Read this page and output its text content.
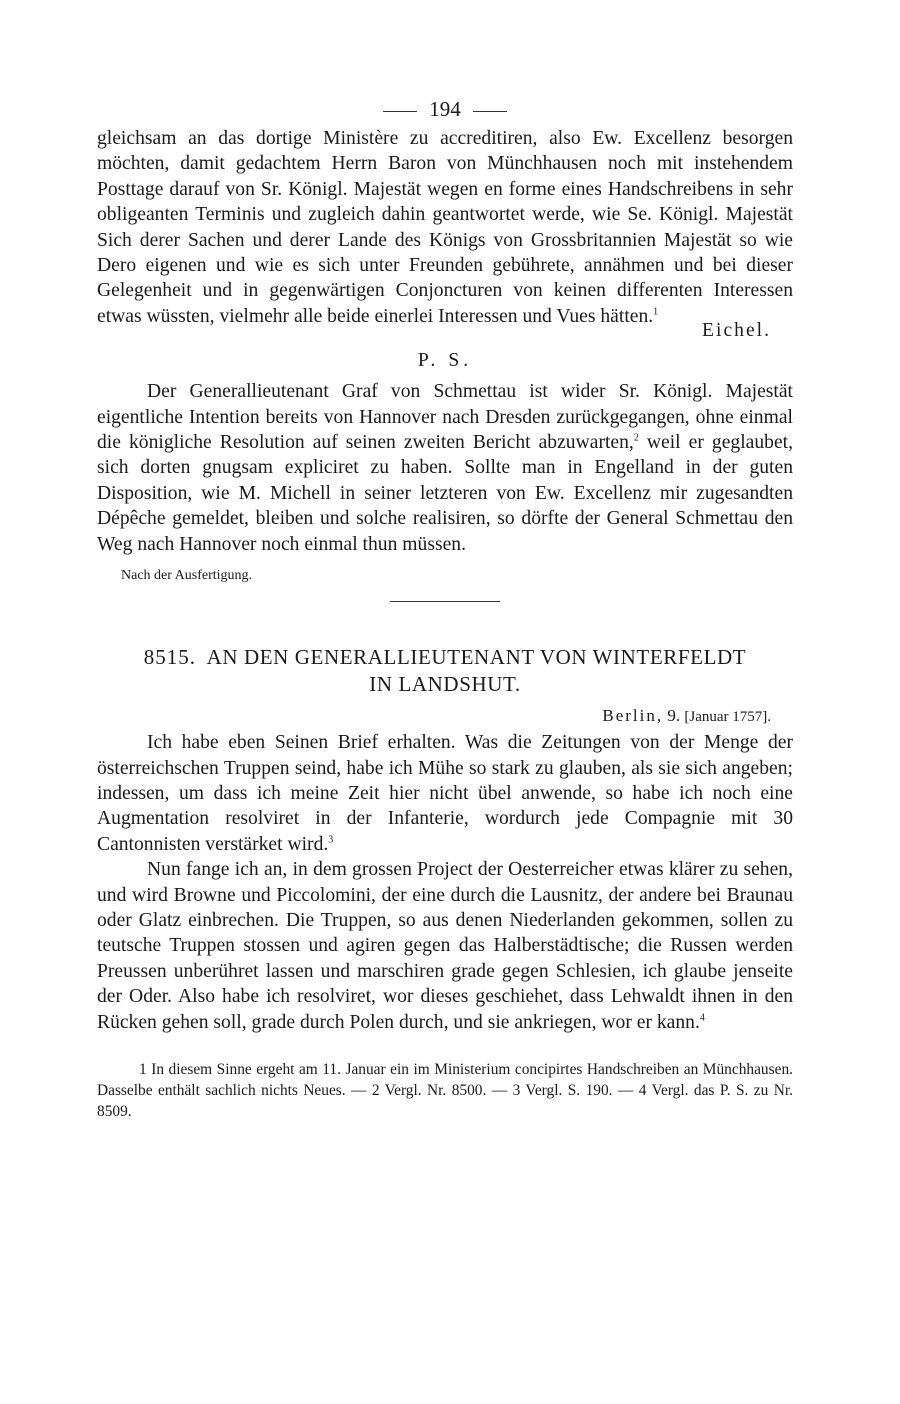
194

gleichsam an das dortige Ministère zu accreditiren, also Ew. Excellenz besorgen möchten, damit gedachtem Herrn Baron von Münchhausen noch mit instehendem Posttage darauf von Sr. Königl. Majestät wegen en forme eines Handschreibens in sehr obligeanten Terminis und zugleich dahin geantwortet werde, wie Se. Königl. Majestät Sich derer Sachen und derer Lande des Königs von Grossbritannien Majestät so wie Dero eigenen und wie es sich unter Freunden gebührete, annähmen und bei dieser Gelegenheit und in gegenwärtigen Conjoncturen von keinen differenten Interessen etwas wüssten, vielmehr alle beide einerlei Interessen und Vues hätten.$^1$

Eichel.
P. S.

Der Generallieutenant Graf von Schmettau ist wider Sr. Königl. Majestät eigentliche Intention bereits von Hannover nach Dresden zurückgegangen, ohne einmal die königliche Resolution auf seinen zweiten Bericht abzuwarten,$^2$ weil er geglaubet, sich dorten gnugsam expliciret zu haben. Sollte man in Engelland in der guten Disposition, wie M. Michell in seiner letzteren von Ew. Excellenz mir zugesandten Dépêche gemeldet, bleiben und solche realisiren, so dörfte der General Schmettau den Weg nach Hannover noch einmal thun müssen.

Nach der Ausfertigung.
8515. AN DEN GENERALLIEUTENANT VON WINTERFELDT
IN LANDSHUT.
Berlin, 9. [Januar 1757].

Ich habe eben Seinen Brief erhalten. Was die Zeitungen von der Menge der österreichschen Truppen seind, habe ich Mühe so stark zu glauben, als sie sich angeben; indessen, um dass ich meine Zeit hier nicht übel anwende, so habe ich noch eine Augmentation resolviret in der Infanterie, wordurch jede Compagnie mit 30 Cantonnisten verstärket wird.$^3$

Nun fange ich an, in dem grossen Project der Oesterreicher etwas klärer zu sehen, und wird Browne und Piccolomini, der eine durch die Lausnitz, der andere bei Braunau oder Glatz einbrechen. Die Truppen, so aus denen Niederlanden gekommen, sollen zu teutsche Truppen stossen und agiren gegen das Halberstädtische; die Russen werden Preussen unberühret lassen und marschiren grade gegen Schlesien, ich glaube jenseite der Oder. Also habe ich resolviret, wor dieses geschiehet, dass Lehwaldt ihnen in den Rücken gehen soll, grade durch Polen durch, und sie ankriegen, wor er kann.$^4$

1 In diesem Sinne ergeht am 11. Januar ein im Ministerium concipirtes Handschreiben an Münchhausen. Dasselbe enthält sachlich nichts Neues. — 2 Vergl. Nr. 8500. — 3 Vergl. S. 190. — 4 Vergl. das P. S. zu Nr. 8509.
